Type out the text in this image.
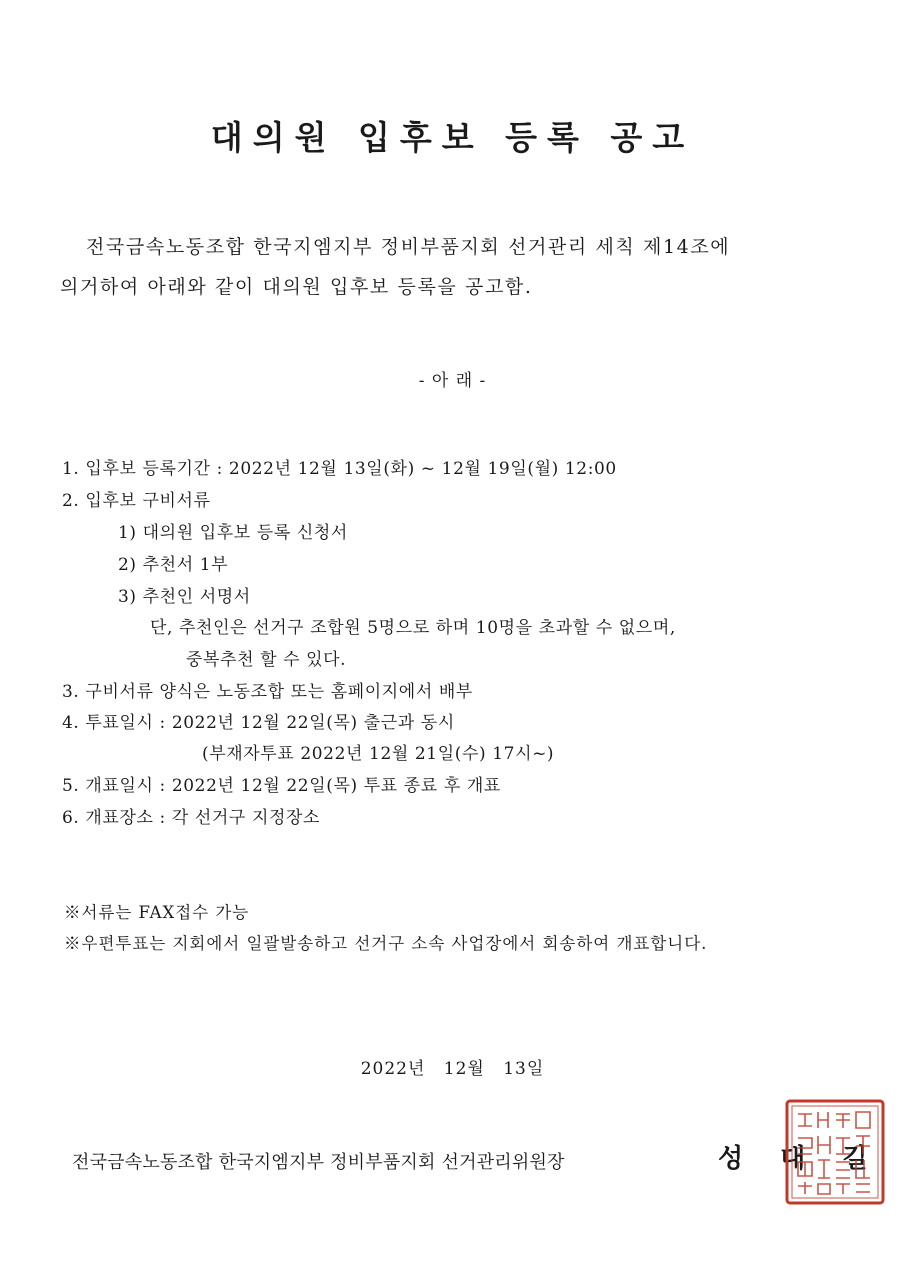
대의원 입후보 등록 공고
전국금속노동조합 한국지엠지부 정비부품지회 선거관리 세칙 제14조에
의거하여 아래와 같이 대의원 입후보 등록을 공고함.
- 아 래 -
1. 입후보 등록기간 : 2022년 12월 13일(화) ~ 12월 19일(월) 12:00
2. 입후보 구비서류
1) 대의원 입후보 등록 신청서
2) 추천서 1부
3) 추천인 서명서
단, 추천인은 선거구 조합원 5명으로 하며 10명을 초과할 수 없으며,
중복추천 할 수 있다.
3. 구비서류 양식은 노동조합 또는 홈페이지에서 배부
4. 투표일시 : 2022년 12월 22일(목) 출근과 동시
(부재자투표 2022년 12월 21일(수) 17시~)
5. 개표일시 : 2022년 12월 22일(목) 투표 종료 후 개표
6. 개표장소 : 각 선거구 지정장소
※서류는 FAX접수 가능
※우편투표는 지회에서 일괄발송하고 선거구 소속 사업장에서 회송하여 개표합니다.
2022년 12월 13일
전국금속노동조합 한국지엠지부 정비부품지회 선거관리위원장	성 대 길
